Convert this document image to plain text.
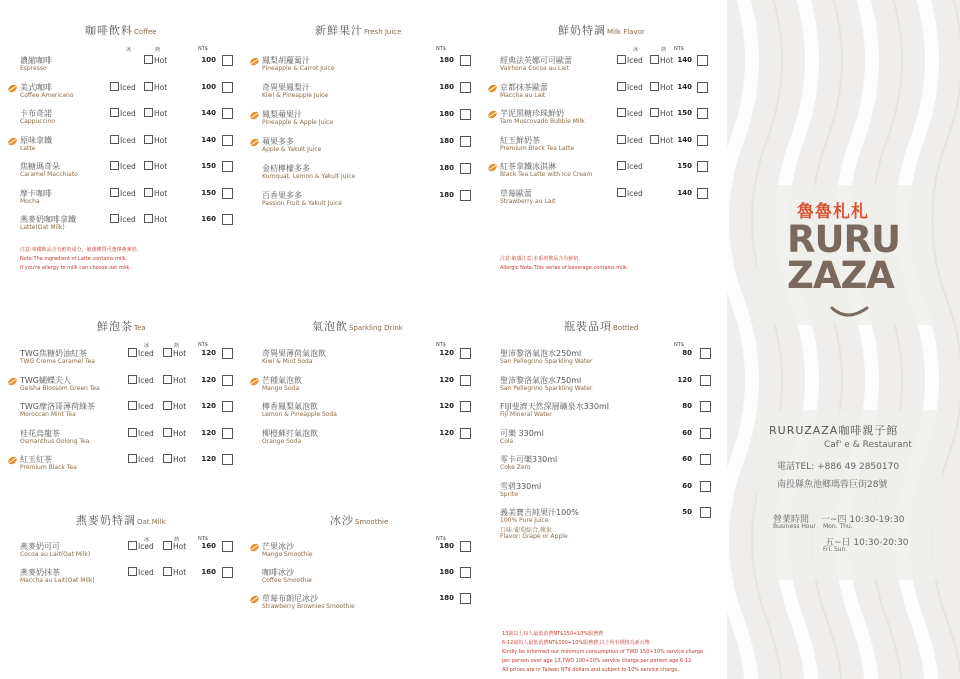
咖啡飲料Coffee
冰	熱	NT$
濃縮咖啡
Espresso
Hot	100
美式咖啡
Coffee Americano
Iced	Hot	100
卡布奇諾
Cappuccino
Iced	Hot	140
原味拿鐵
Latte
Iced	Hot	140
焦糖瑪奇朵
Caramel Macchiato
Iced	Hot	150
摩卡咖啡
Mocha
Iced	Hot	150
燕麥奶咖啡拿鐵
Latte(Oat Milk)
Iced	Hot	160
注意:拿鐵飲品含有鮮奶成分，敏感體質可選擇燕麥奶。
Note:The ingredient of Latte contains milk,
if you're allergy to milk can choose oat milk.
新鮮果汁Fresh Juice
NT$
鳳梨胡蘿蔔汁
Pineapple & Carrot Juice
180
奇異果鳳梨汁
Kiwi & Pineapple Juice
180
鳳梨蘋果汁
Pineapple & Apple Juice
180
蘋果多多
Apple & Yakult Juice
180
金桔檸檬多多
Kumquat, Lemon & Yakult Juice
180
百香果多多
Passion Fruit & Yakult Juice
180
鮮奶特調Milk Flavor
冰	熱 NT$
經典法芙娜可可歐蕾
Valrhona Cocoa au Lait
Iced	Hot 140
京都抹茶歐蕾
Maccha au Lait
Iced	Hot 140
芋泥黑糖珍珠鮮奶
Taro Muscovado Bubble Milk
Iced	Hot 150
紅玉鮮奶茶
Premium Black Tea Latte
Iced	Hot 140
紅茶拿鐵冰淇淋
Black Tea Latte with Ice Cream
Iced	150
草莓歐蕾
Strawberry au Lait
Iced	140
注意:敏感注意:本系列飲品含有鮮奶。
Allergic Note:This series of beverage contains milk.
鮮泡茶Tea
冰	熱	NT$
TWG焦糖奶油紅茶
TWG Creme Caramel Tea
Iced	Hot	120
TWG蝴蝶夫人
Geisha Blossom Green Tea
Iced	Hot	120
TWG摩洛哥薄荷綠茶
Moroccan Mint Tea
Iced	Hot	120
桂花烏龍茶
Osmanthus Oolong Tea
Iced	Hot	120
紅玉紅茶
Premium Black Tea
Iced	Hot	120
氣泡飲Sparkling Drink
NT$
奇異果薄荷氣泡飲
Kiwi & Mint Soda
120
芒種氣泡飲
Mango Soda
120
檸香鳳梨氣泡飲
Lemon & Pineapple Soda
120
柳橙蘇打氣泡飲
Orange Soda
120
瓶裝品項Bottled
NT$
聖沛黎洛氣泡水250ml
San Pellegrino Sparkling Water
80
聖沛黎洛氣泡水750ml
San Pellegrino Sparkling Water
120
FIJI斐濟天然深層礦泉水330ml
Fiji Mineral Water
80
可樂 330ml
Cola
60
零卡可樂330ml
Coke Zero
60
雪碧330ml
Sprite
60
義美寶吉純果汁100%
100% Pure Juice
口味:葡萄綜合,蘋果
Flavor: Grape or Apple
50
燕麥奶特調Oat Milk
冰	熱	NT$
燕麥奶可可
Cocoa au Lait(Oat Milk)
Iced	Hot	160
燕麥奶抹茶
Maccha au Lait(Oat Milk)
Iced	Hot	160
冰沙Smoothie
NT$
芒果冰沙
Mango Smoothie
180
咖啡冰沙
Coffee Smoothie
180
草莓布朗尼冰沙
Strawberry Brownies Smoothie
180
魯魯札札
RURU
ZAZA
RURUZAZA咖啡親子館
Caf' e & Restaurant
電話TEL: +886 49 2850170
南投縣魚池鄉瑪蓉巨街28號
營業時間
Business Hour
一~四 10:30-19:30
Mon. Thu.
五~日 10:30-20:30
Fri. Sun.
13歲以上每人最低消費NT$150+10%服務費
6-12歲每人最低消費NT$100+10%服務費,以上所有價格為新台幣
Kindly be informed our minimum consumption of TWD 150+10% service charge
per person over age 13,TWD 100+10% service charge per person age 6-12
All prices are in Taiwan NT$ dollars and subject to 10% service charge.
